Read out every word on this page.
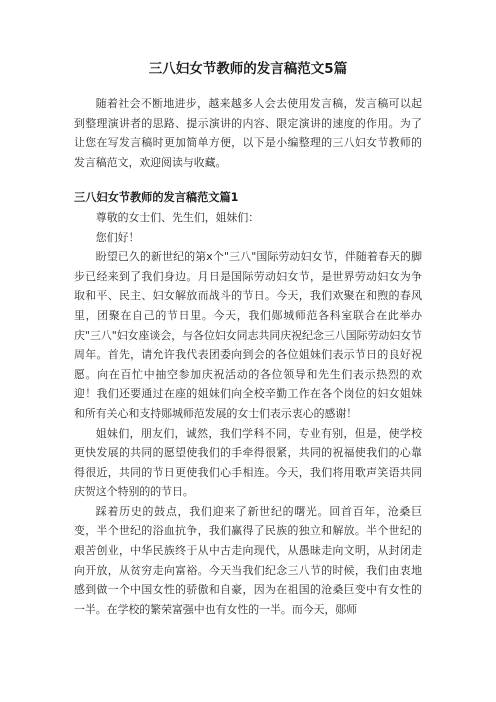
三八妇女节教师的发言稿范文5篇

随着社会不断地进步，越来越多人会去使用发言稿，发言稿可以起到整理演讲者的思路、提示演讲的内容、限定演讲的速度的作用。为了让您在写发言稿时更加简单方便，以下是小编整理的三八妇女节教师的发言稿范文，欢迎阅读与收藏。

三八妇女节教师的发言稿范文篇1

尊敬的女士们、先生们，姐妹们：

您们好！

盼望已久的新世纪的第x个"三八"国际劳动妇女节，伴随着春天的脚步已经来到了我们身边。月日是国际劳动妇女节，是世界劳动妇女为争取和平、民主、妇女解放而战斗的节日。今天，我们欢聚在和煦的春风里，团聚在自己的节日里。今天，我们郧城师范各科室联合在此举办庆"三八"妇女座谈会，与各位妇女同志共同庆祝纪念三八国际劳动妇女节周年。首先，请允许我代表团委向到会的各位姐妹们表示节日的良好祝愿。向在百忙中抽空参加庆祝活动的各位领导和先生们表示热烈的欢迎！我们还要通过在座的姐妹们向全校辛勤工作在各个岗位的妇女姐妹和所有关心和支持郧城师范发展的女士们表示衷心的感谢！

姐妹们，朋友们，诚然，我们学科不同，专业有别，但是，使学校更快发展的共同的愿望使我们的手牵得很紧，共同的祝福使我们的心靠得很近，共同的节日更使我们心手相连。今天，我们将用歌声笑语共同庆贺这个特别的的节日。

踩着历史的鼓点，我们迎来了新世纪的曙光。回首百年，沧桑巨变，半个世纪的浴血抗争，我们赢得了民族的独立和解放。半个世纪的艰苦创业，中华民族终于从中古走向现代，从愚昧走向文明，从封闭走向开放，从贫穷走向富裕。今天当我们纪念三八节的时候，我们由衷地感到做一个中国女性的骄傲和自豪，因为在祖国的沧桑巨变中有女性的一半。在学校的繁荣富强中也有女性的一半。而今天，郧师
